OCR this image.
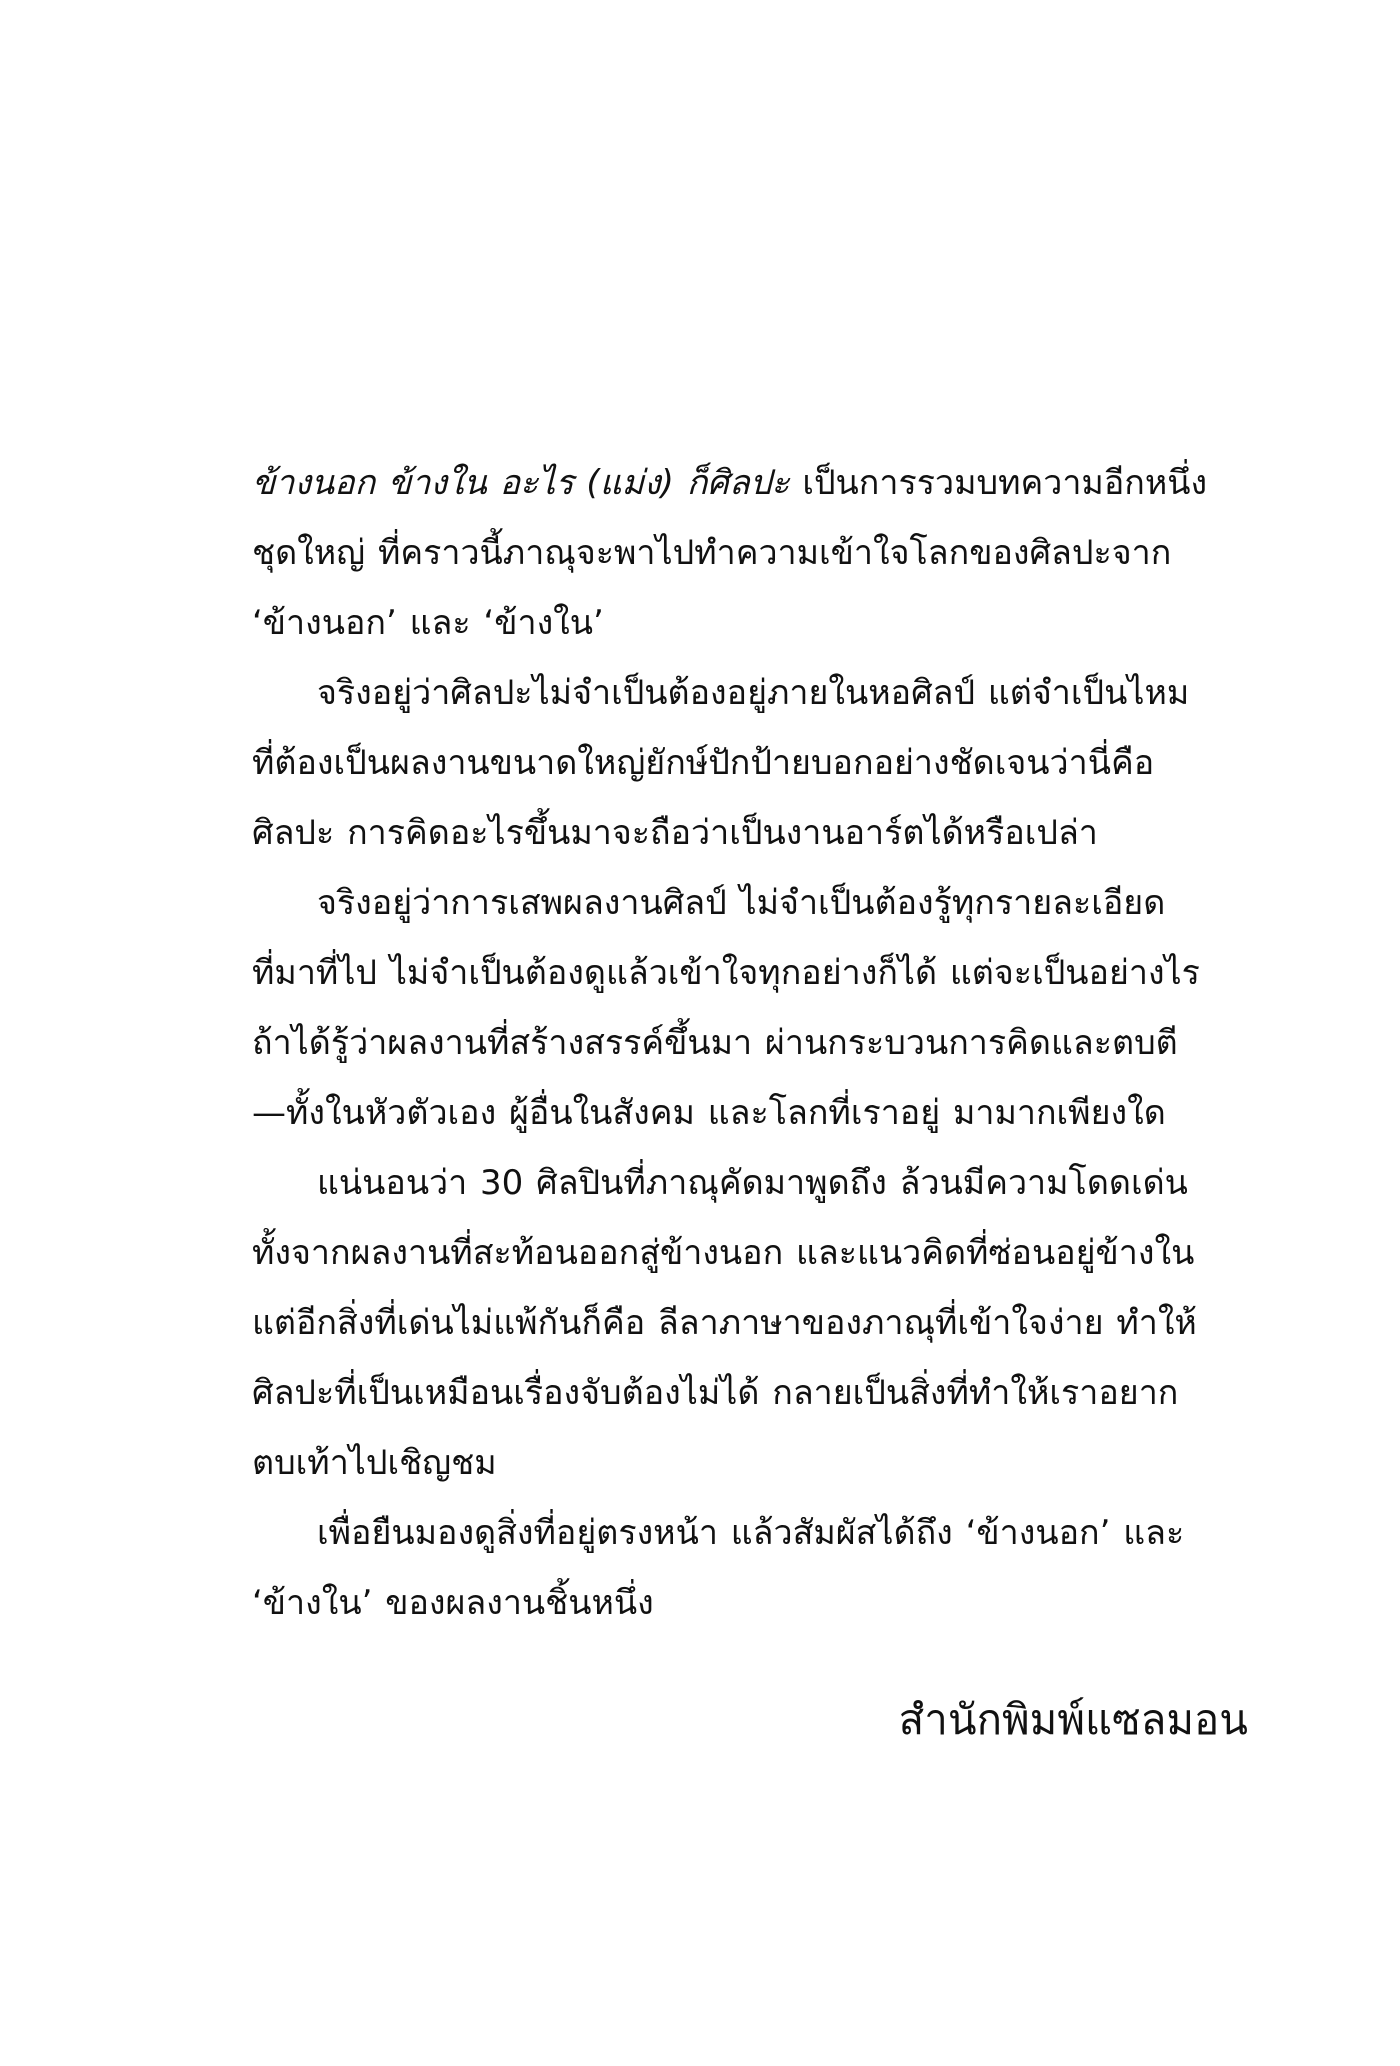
ข้างนอก ข้างใน อะไร (แม่ง) ก็ศิลปะ เป็นการรวมบทความอีกหนึ่ง
ชุดใหญ่ ที่คราวนี้ภาณุจะพาไปทำความเข้าใจโลกของศิลปะจาก
‘ข้างนอก’ และ ‘ข้างใน’
จริงอยู่ว่าศิลปะไม่จำเป็นต้องอยู่ภายในหอศิลป์ แต่จำเป็นไหม
ที่ต้องเป็นผลงานขนาดใหญ่ยักษ์ปักป้ายบอกอย่างชัดเจนว่านี่คือ
ศิลปะ การคิดอะไรขึ้นมาจะถือว่าเป็นงานอาร์ตได้หรือเปล่า
จริงอยู่ว่าการเสพผลงานศิลป์ ไม่จำเป็นต้องรู้ทุกรายละเอียด
ที่มาที่ไป ไม่จำเป็นต้องดูแล้วเข้าใจทุกอย่างก็ได้ แต่จะเป็นอย่างไร
ถ้าได้รู้ว่าผลงานที่สร้างสรรค์ขึ้นมา ผ่านกระบวนการคิดและตบตี
—ทั้งในหัวตัวเอง ผู้อื่นในสังคม และโลกที่เราอยู่ มามากเพียงใด
แน่นอนว่า 30 ศิลปินที่ภาณุคัดมาพูดถึง ล้วนมีความโดดเด่น
ทั้งจากผลงานที่สะท้อนออกสู่ข้างนอก และแนวคิดที่ซ่อนอยู่ข้างใน
แต่อีกสิ่งที่เด่นไม่แพ้กันก็คือ ลีลาภาษาของภาณุที่เข้าใจง่าย ทำให้
ศิลปะที่เป็นเหมือนเรื่องจับต้องไม่ได้ กลายเป็นสิ่งที่ทำให้เราอยาก
ตบเท้าไปเชิญชม
เพื่อยืนมองดูสิ่งที่อยู่ตรงหน้า แล้วสัมผัสได้ถึง ‘ข้างนอก’ และ
‘ข้างใน’ ของผลงานชิ้นหนึ่ง
สำนักพิมพ์แซลมอน
